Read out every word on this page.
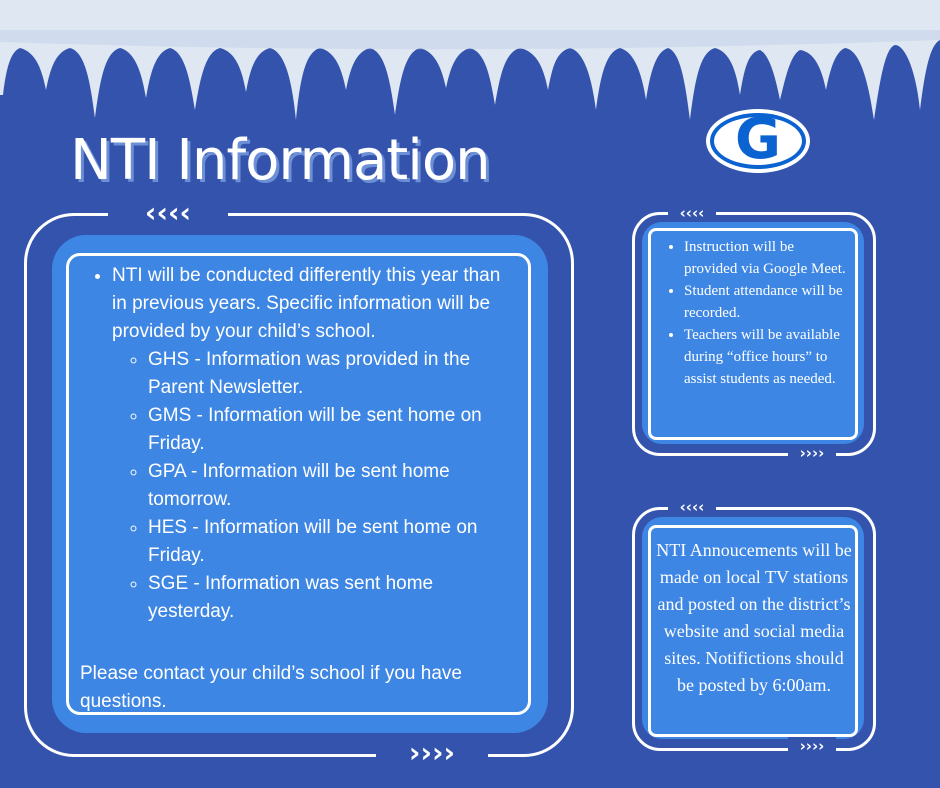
NTI Information	G
‹‹‹‹
››››
• NTI will be conducted differently this year than in previous years. Specific information will be provided by your child’s school.
◦ GHS - Information was provided in the Parent Newsletter.
◦ GMS - Information will be sent home on Friday.
◦ GPA - Information will be sent home tomorrow.
◦ HES - Information will be sent home on Friday.
◦ SGE - Information was sent home yesterday.

Please contact your child’s school if you have questions.

‹‹‹‹
››››
• Instruction will be provided via Google Meet.
• Student attendance will be recorded.
• Teachers will be available during “office hours” to assist students as needed.
‹‹‹‹
››››
NTI Annoucements will be made on local TV stations and posted on the district’s website and social media sites. Notifictions should be posted by 6:00am.
